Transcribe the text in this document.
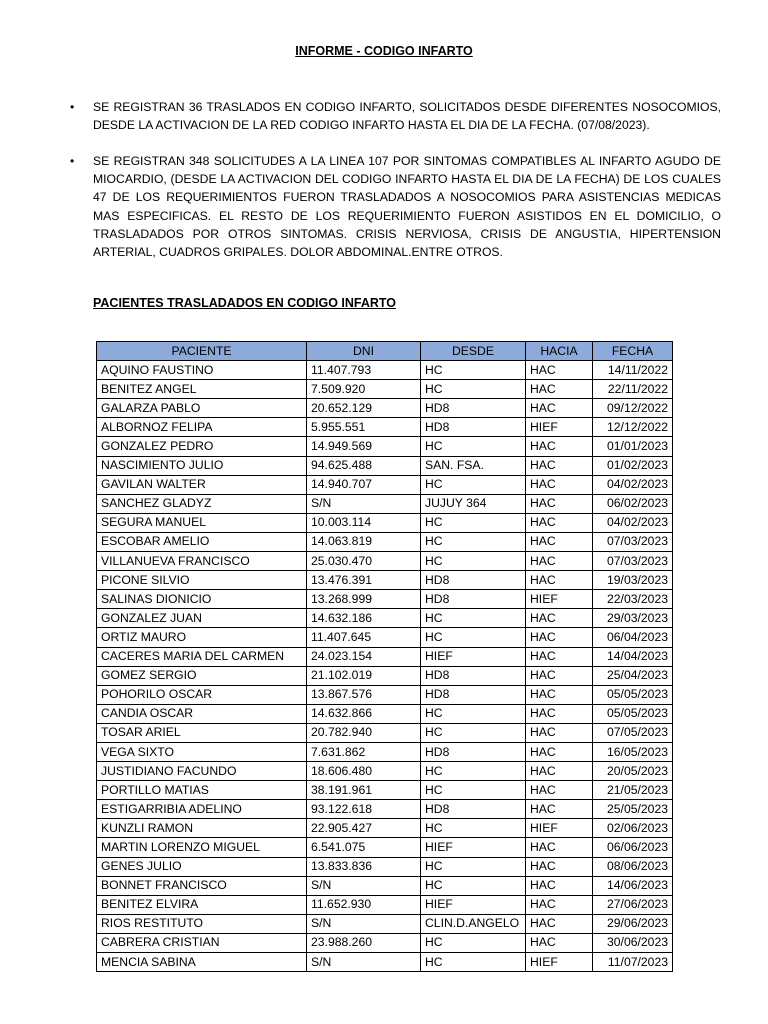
INFORME - CODIGO INFARTO
• SE REGISTRAN 36 TRASLADOS EN CODIGO INFARTO, SOLICITADOS DESDE DIFERENTES NOSOCOMIOS, DESDE LA ACTIVACION DE LA RED CODIGO INFARTO HASTA EL DIA DE LA FECHA. (07/08/2023).
• SE REGISTRAN 348 SOLICITUDES A LA LINEA 107 POR SINTOMAS COMPATIBLES AL INFARTO AGUDO DE MIOCARDIO, (DESDE LA ACTIVACION DEL CODIGO INFARTO HASTA EL DIA DE LA FECHA) DE LOS CUALES 47 DE LOS REQUERIMIENTOS FUERON TRASLADADOS A NOSOCOMIOS PARA ASISTENCIAS MEDICAS MAS ESPECIFICAS. EL RESTO DE LOS REQUERIMIENTO FUERON ASISTIDOS EN EL DOMICILIO, O TRASLADADOS POR OTROS SINTOMAS. CRISIS NERVIOSA, CRISIS DE ANGUSTIA, HIPERTENSION ARTERIAL, CUADROS GRIPALES. DOLOR ABDOMINAL.ENTRE OTROS.
PACIENTES TRASLADADOS EN CODIGO INFARTO
PACIENTE	DNI	DESDE	HACIA	FECHA
AQUINO FAUSTINO	11.407.793	HC	HAC	14/11/2022
BENITEZ ANGEL	7.509.920	HC	HAC	22/11/2022
GALARZA PABLO	20.652.129	HD8	HAC	09/12/2022
ALBORNOZ FELIPA	5.955.551	HD8	HIEF	12/12/2022
GONZALEZ PEDRO	14.949.569	HC	HAC	01/01/2023
NASCIMIENTO JULIO	94.625.488	SAN. FSA.	HAC	01/02/2023
GAVILAN WALTER	14.940.707	HC	HAC	04/02/2023
SANCHEZ GLADYZ	S/N	JUJUY 364	HAC	06/02/2023
SEGURA MANUEL	10.003.114	HC	HAC	04/02/2023
ESCOBAR AMELIO	14.063.819	HC	HAC	07/03/2023
VILLANUEVA FRANCISCO	25.030.470	HC	HAC	07/03/2023
PICONE SILVIO	13.476.391	HD8	HAC	19/03/2023
SALINAS DIONICIO	13.268.999	HD8	HIEF	22/03/2023
GONZALEZ JUAN	14.632.186	HC	HAC	29/03/2023
ORTIZ MAURO	11.407.645	HC	HAC	06/04/2023
CACERES MARIA DEL CARMEN	24.023.154	HIEF	HAC	14/04/2023
GOMEZ SERGIO	21.102.019	HD8	HAC	25/04/2023
POHORILO OSCAR	13.867.576	HD8	HAC	05/05/2023
CANDIA OSCAR	14.632.866	HC	HAC	05/05/2023
TOSAR ARIEL	20.782.940	HC	HAC	07/05/2023
VEGA SIXTO	7.631.862	HD8	HAC	16/05/2023
JUSTIDIANO FACUNDO	18.606.480	HC	HAC	20/05/2023
PORTILLO MATIAS	38.191.961	HC	HAC	21/05/2023
ESTIGARRIBIA ADELINO	93.122.618	HD8	HAC	25/05/2023
KUNZLI RAMON	22.905.427	HC	HIEF	02/06/2023
MARTIN LORENZO MIGUEL	6.541.075	HIEF	HAC	06/06/2023
GENES JULIO	13.833.836	HC	HAC	08/06/2023
BONNET FRANCISCO	S/N	HC	HAC	14/06/2023
BENITEZ ELVIRA	11.652.930	HIEF	HAC	27/06/2023
RIOS RESTITUTO	S/N	CLIN.D.ANGELO	HAC	29/06/2023
CABRERA CRISTIAN	23.988.260	HC	HAC	30/06/2023
MENCIA SABINA	S/N	HC	HIEF	11/07/2023
